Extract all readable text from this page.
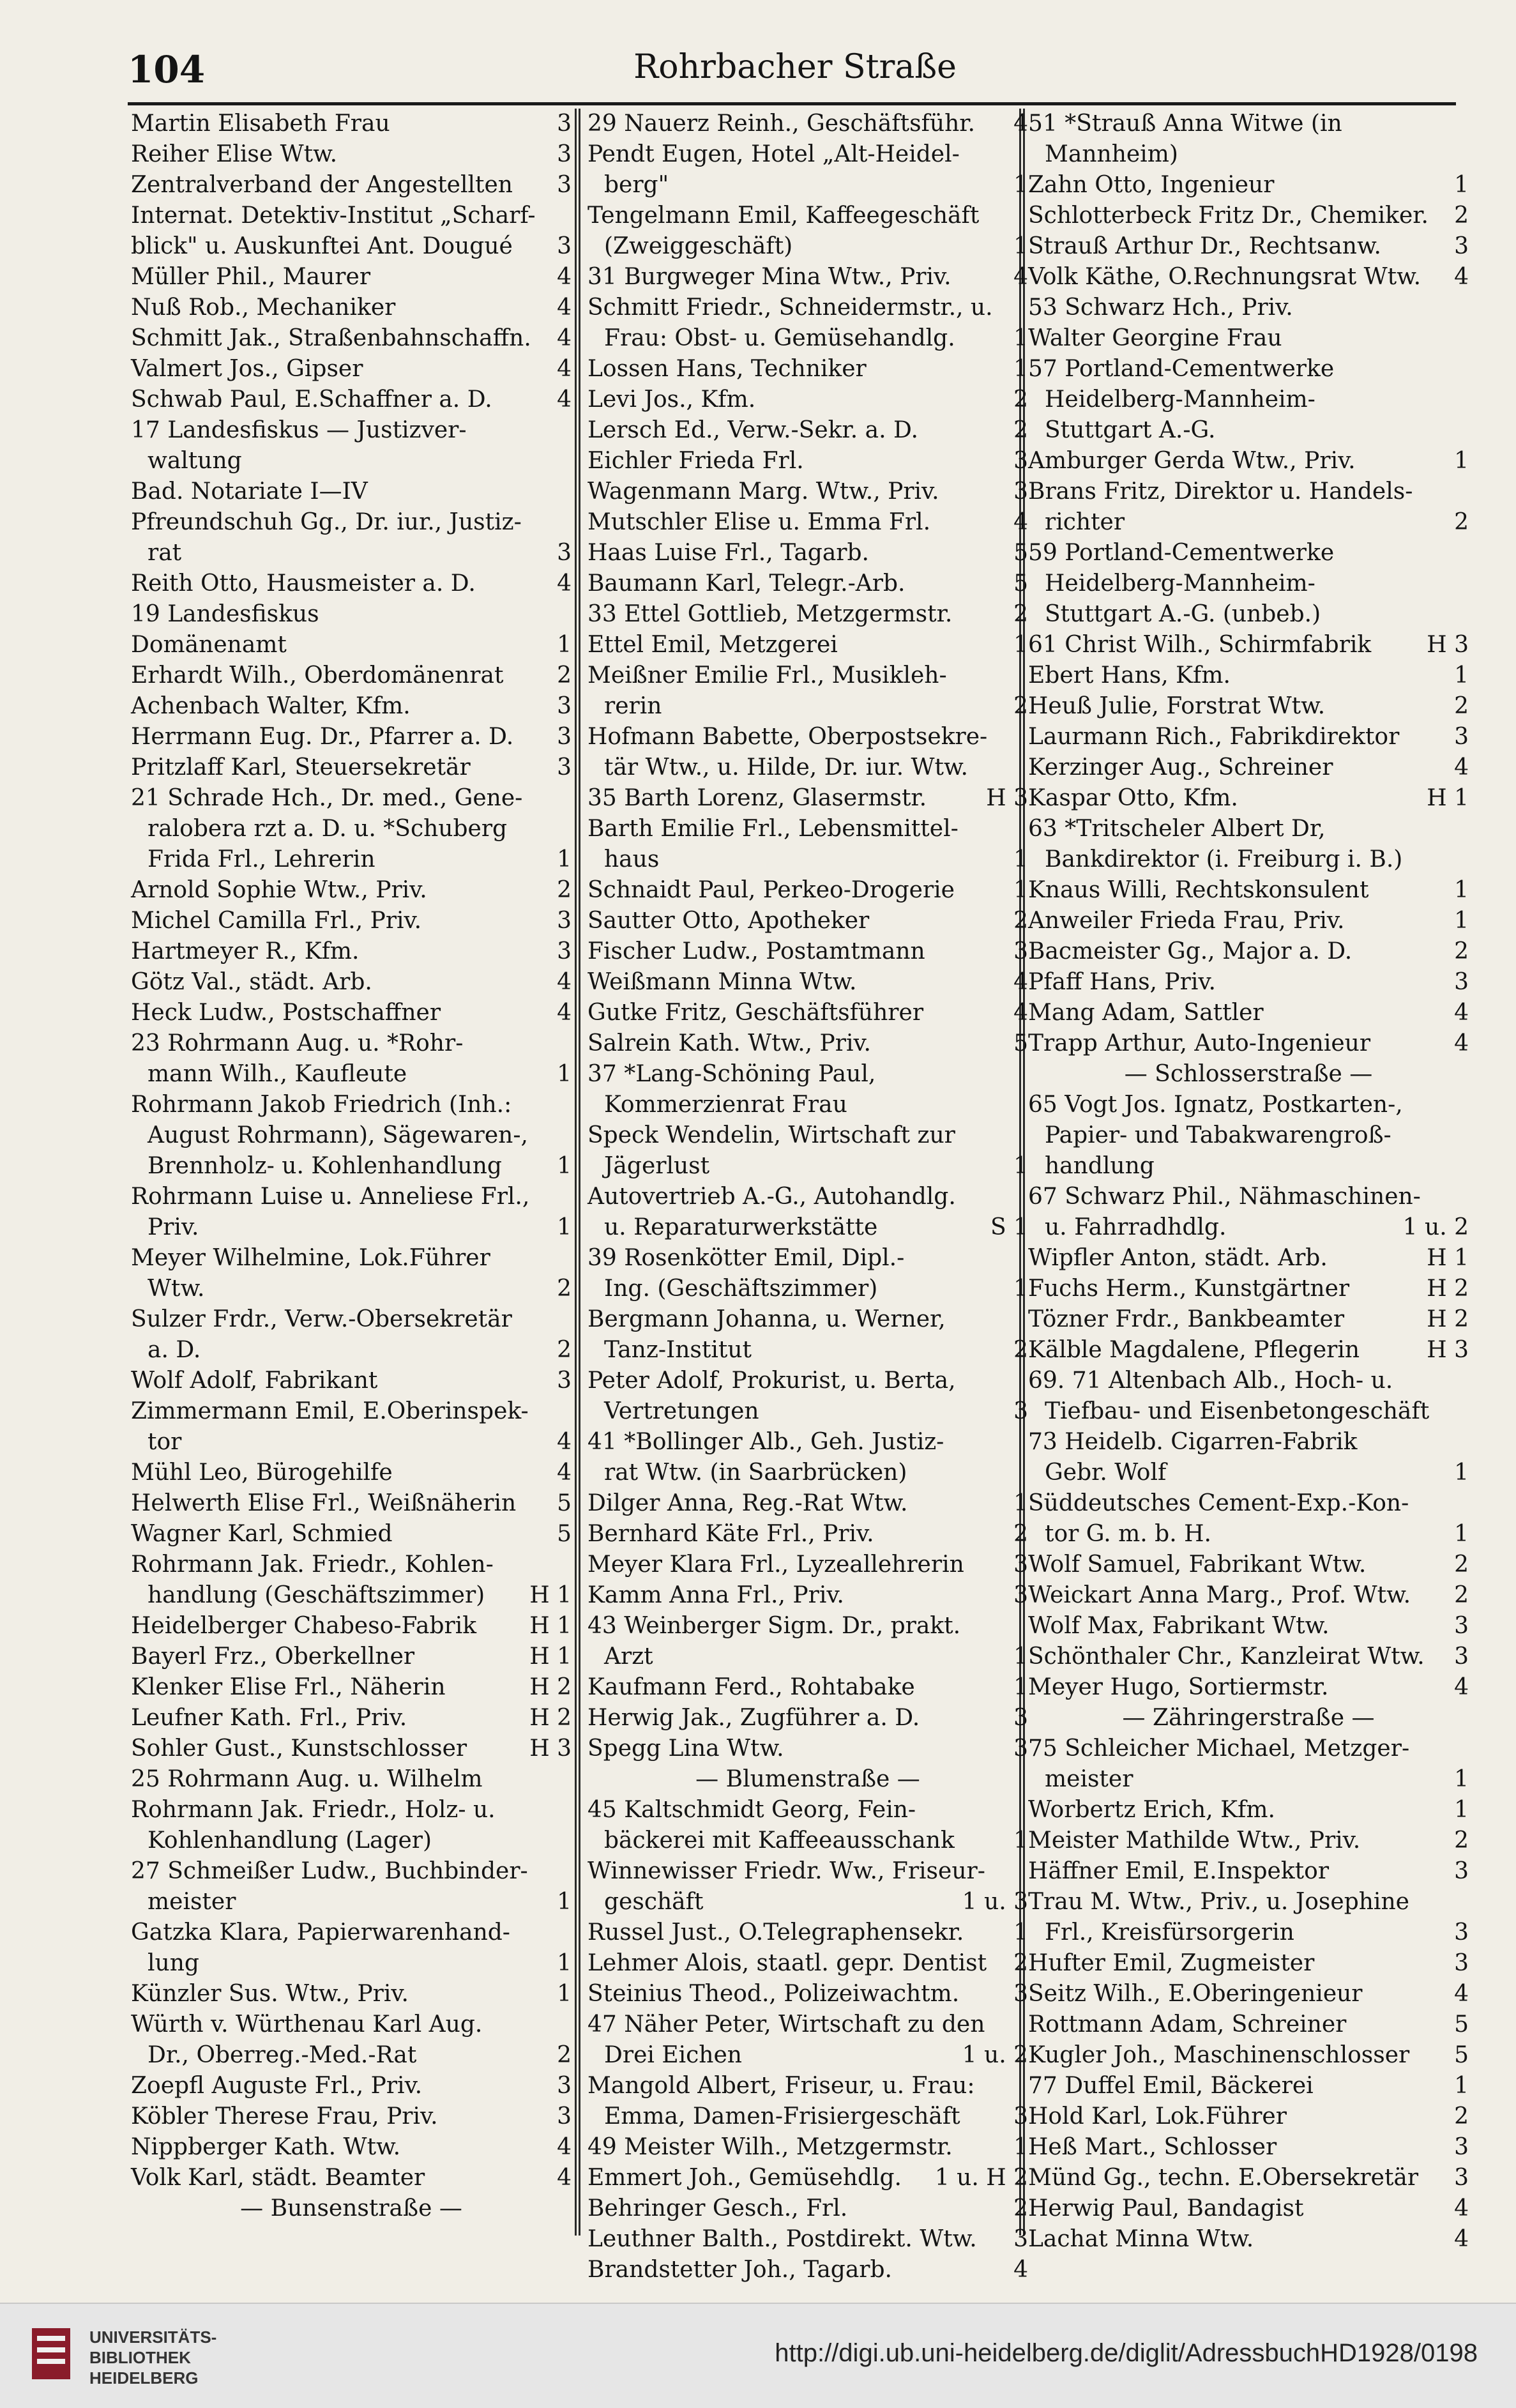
104	Rohrbacher Straße
Martin Elisabeth Frau	3
Reiher Elise Wtw.	3
Zentralverband der Angestellten	3
Internat. Detektiv-Institut „Scharf-
blick" u. Auskunftei Ant. Dougué	3
Müller Phil., Maurer	4
Nuß Rob., Mechaniker	4
Schmitt Jak., Straßenbahnschaffn.	4
Valmert Jos., Gipser	4
Schwab Paul, E.Schaffner a. D.	4
17 Landesfiskus — Justizver-
waltung
Bad. Notariate I—IV
Pfreundschuh Gg., Dr. iur., Justiz-
rat	3
Reith Otto, Hausmeister a. D.	4
19 Landesfiskus
Domänenamt	1
Erhardt Wilh., Oberdomänenrat	2
Achenbach Walter, Kfm.	3
Herrmann Eug. Dr., Pfarrer a. D.	3
Pritzlaff Karl, Steuersekretär	3
21 Schrade Hch., Dr. med., Gene-
ralobera rzt a. D. u. *Schuberg
Frida Frl., Lehrerin	1
Arnold Sophie Wtw., Priv.	2
Michel Camilla Frl., Priv.	3
Hartmeyer R., Kfm.	3
Götz Val., städt. Arb.	4
Heck Ludw., Postschaffner	4
23 Rohrmann Aug. u. *Rohr-
mann Wilh., Kaufleute	1
Rohrmann Jakob Friedrich (Inh.:
August Rohrmann), Sägewaren-,
Brennholz- u. Kohlenhandlung	1
Rohrmann Luise u. Anneliese Frl.,
Priv.	1
Meyer Wilhelmine, Lok.Führer
Wtw.	2
Sulzer Frdr., Verw.-Obersekretär
a. D.	2
Wolf Adolf, Fabrikant	3
Zimmermann Emil, E.Oberinspek-
tor	4
Mühl Leo, Bürogehilfe	4
Helwerth Elise Frl., Weißnäherin	5
Wagner Karl, Schmied	5
Rohrmann Jak. Friedr., Kohlen-
handlung (Geschäftszimmer)	H 1
Heidelberger Chabeso-Fabrik	H 1
Bayerl Frz., Oberkellner	H 1
Klenker Elise Frl., Näherin	H 2
Leufner Kath. Frl., Priv.	H 2
Sohler Gust., Kunstschlosser	H 3
25 Rohrmann Aug. u. Wilhelm
Rohrmann Jak. Friedr., Holz- u.
Kohlenhandlung (Lager)
27 Schmeißer Ludw., Buchbinder-
meister	1
Gatzka Klara, Papierwarenhand-
lung	1
Künzler Sus. Wtw., Priv.	1
Würth v. Würthenau Karl Aug.
Dr., Oberreg.-Med.-Rat	2
Zoepfl Auguste Frl., Priv.	3
Köbler Therese Frau, Priv.	3
Nippberger Kath. Wtw.	4
Volk Karl, städt. Beamter	4
— Bunsenstraße —
29 Nauerz Reinh., Geschäftsführ.	4
Pendt Eugen, Hotel „Alt-Heidel-
berg"	1
Tengelmann Emil, Kaffeegeschäft
(Zweiggeschäft)	1
31 Burgweger Mina Wtw., Priv.	4
Schmitt Friedr., Schneidermstr., u.
Frau: Obst- u. Gemüsehandlg.	1
Lossen Hans, Techniker	1
Levi Jos., Kfm.	2
Lersch Ed., Verw.-Sekr. a. D.	2
Eichler Frieda Frl.	3
Wagenmann Marg. Wtw., Priv.	3
Mutschler Elise u. Emma Frl.	4
Haas Luise Frl., Tagarb.	5
Baumann Karl, Telegr.-Arb.	5
33 Ettel Gottlieb, Metzgermstr.	2
Ettel Emil, Metzgerei	1
Meißner Emilie Frl., Musikleh-
rerin	2
Hofmann Babette, Oberpostsekre-
tär Wtw., u. Hilde, Dr. iur. Wtw.
35 Barth Lorenz, Glasermstr.	H 3
Barth Emilie Frl., Lebensmittel-
haus	1
Schnaidt Paul, Perkeo-Drogerie	1
Sautter Otto, Apotheker	2
Fischer Ludw., Postamtmann	3
Weißmann Minna Wtw.	4
Gutke Fritz, Geschäftsführer	4
Salrein Kath. Wtw., Priv.	5
37 *Lang-Schöning Paul,
Kommerzienrat Frau
Speck Wendelin, Wirtschaft zur
Jägerlust	1
Autovertrieb A.-G., Autohandlg.
u. Reparaturwerkstätte	S 1
39 Rosenkötter Emil, Dipl.-
Ing. (Geschäftszimmer)	1
Bergmann Johanna, u. Werner,
Tanz-Institut	2
Peter Adolf, Prokurist, u. Berta,
Vertretungen	3
41 *Bollinger Alb., Geh. Justiz-
rat Wtw. (in Saarbrücken)
Dilger Anna, Reg.-Rat Wtw.	1
Bernhard Käte Frl., Priv.	2
Meyer Klara Frl., Lyzeallehrerin	3
Kamm Anna Frl., Priv.	3
43 Weinberger Sigm. Dr., prakt.
Arzt	1
Kaufmann Ferd., Rohtabake	1
Herwig Jak., Zugführer a. D.	3
Spegg Lina Wtw.	3
— Blumenstraße —
45 Kaltschmidt Georg, Fein-
bäckerei mit Kaffeeausschank	1
Winnewisser Friedr. Ww., Friseur-
geschäft	1 u. 3
Russel Just., O.Telegraphensekr.	1
Lehmer Alois, staatl. gepr. Dentist	2
Steinius Theod., Polizeiwachtm.	3
47 Näher Peter, Wirtschaft zu den
Drei Eichen	1 u. 2
Mangold Albert, Friseur, u. Frau:
Emma, Damen-Frisiergeschäft	3
49 Meister Wilh., Metzgermstr.	1
Emmert Joh., Gemüsehdlg.	1 u. H 2
Behringer Gesch., Frl.	2
Leuthner Balth., Postdirekt. Wtw.	3
Brandstetter Joh., Tagarb.	4
51 *Strauß Anna Witwe (in
Mannheim)
Zahn Otto, Ingenieur	1
Schlotterbeck Fritz Dr., Chemiker.	2
Strauß Arthur Dr., Rechtsanw.	3
Volk Käthe, O.Rechnungsrat Wtw.	4
53 Schwarz Hch., Priv.
Walter Georgine Frau
57 Portland-Cementwerke
Heidelberg-Mannheim-
Stuttgart A.-G.
Amburger Gerda Wtw., Priv.	1
Brans Fritz, Direktor u. Handels-
richter	2
59 Portland-Cementwerke
Heidelberg-Mannheim-
Stuttgart A.-G. (unbeb.)
61 Christ Wilh., Schirmfabrik	H 3
Ebert Hans, Kfm.	1
Heuß Julie, Forstrat Wtw.	2
Laurmann Rich., Fabrikdirektor	3
Kerzinger Aug., Schreiner	4
Kaspar Otto, Kfm.	H 1
63 *Tritscheler Albert Dr,
Bankdirektor (i. Freiburg i. B.)
Knaus Willi, Rechtskonsulent	1
Anweiler Frieda Frau, Priv.	1
Bacmeister Gg., Major a. D.	2
Pfaff Hans, Priv.	3
Mang Adam, Sattler	4
Trapp Arthur, Auto-Ingenieur	4
— Schlosserstraße —
65 Vogt Jos. Ignatz, Postkarten-,
Papier- und Tabakwarengroß-
handlung
67 Schwarz Phil., Nähmaschinen-
u. Fahrradhdlg.	1 u. 2
Wipfler Anton, städt. Arb.	H 1
Fuchs Herm., Kunstgärtner	H 2
Tözner Frdr., Bankbeamter	H 2
Kälble Magdalene, Pflegerin	H 3
69. 71 Altenbach Alb., Hoch- u.
Tiefbau- und Eisenbetongeschäft
73 Heidelb. Cigarren-Fabrik
Gebr. Wolf	1
Süddeutsches Cement-Exp.-Kon-
tor G. m. b. H.	1
Wolf Samuel, Fabrikant Wtw.	2
Weickart Anna Marg., Prof. Wtw.	2
Wolf Max, Fabrikant Wtw.	3
Schönthaler Chr., Kanzleirat Wtw.	3
Meyer Hugo, Sortiermstr.	4
— Zähringerstraße —
75 Schleicher Michael, Metzger-
meister	1
Worbertz Erich, Kfm.	1
Meister Mathilde Wtw., Priv.	2
Häffner Emil, E.Inspektor	3
Trau M. Wtw., Priv., u. Josephine
Frl., Kreisfürsorgerin	3
Hufter Emil, Zugmeister	3
Seitz Wilh., E.Oberingenieur	4
Rottmann Adam, Schreiner	5
Kugler Joh., Maschinenschlosser	5
77 Duffel Emil, Bäckerei	1
Hold Karl, Lok.Führer	2
Heß Mart., Schlosser	3
Münd Gg., techn. E.Obersekretär	3
Herwig Paul, Bandagist	4
Lachat Minna Wtw.	4
UNIVERSITÄTS-
BIBLIOTHEK
HEIDELBERG
http://digi.ub.uni-heidelberg.de/diglit/AdressbuchHD1928/0198
